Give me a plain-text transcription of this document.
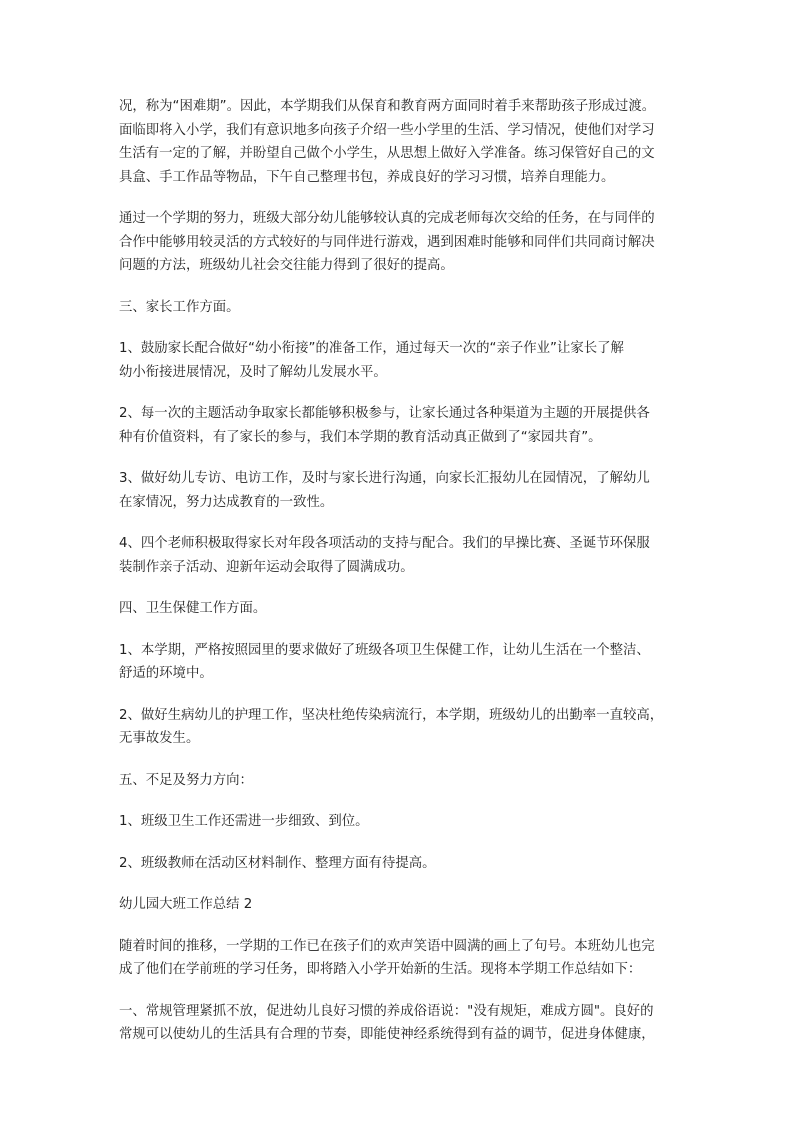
况，称为“困难期”。因此，本学期我们从保育和教育两方面同时着手来帮助孩子形成过渡。
面临即将入小学，我们有意识地多向孩子介绍一些小学里的生活、学习情况，使他们对学习
生活有一定的了解，并盼望自己做个小学生，从思想上做好入学准备。练习保管好自己的文
具盒、手工作品等物品，下午自己整理书包，养成良好的学习习惯，培养自理能力。

通过一个学期的努力，班级大部分幼儿能够较认真的完成老师每次交给的任务，在与同伴的
合作中能够用较灵活的方式较好的与同伴进行游戏，遇到困难时能够和同伴们共同商讨解决
问题的方法，班级幼儿社会交往能力得到了很好的提高。

三、家长工作方面。

1、鼓励家长配合做好“幼小衔接”的准备工作，通过每天一次的“亲子作业”让家长了解
幼小衔接进展情况，及时了解幼儿发展水平。

2、每一次的主题活动争取家长都能够积极参与，让家长通过各种渠道为主题的开展提供各
种有价值资料，有了家长的参与，我们本学期的教育活动真正做到了“家园共育”。

3、做好幼儿专访、电访工作，及时与家长进行沟通，向家长汇报幼儿在园情况，了解幼儿
在家情况，努力达成教育的一致性。

4、四个老师积极取得家长对年段各项活动的支持与配合。我们的早操比赛、圣诞节环保服
装制作亲子活动、迎新年运动会取得了圆满成功。

四、卫生保健工作方面。

1、本学期，严格按照园里的要求做好了班级各项卫生保健工作，让幼儿生活在一个整洁、
舒适的环境中。

2、做好生病幼儿的护理工作，坚决杜绝传染病流行，本学期，班级幼儿的出勤率一直较高，
无事故发生。

五、不足及努力方向：

1、班级卫生工作还需进一步细致、到位。

2、班级教师在活动区材料制作、整理方面有待提高。

幼儿园大班工作总结 2

随着时间的推移，一学期的工作已在孩子们的欢声笑语中圆满的画上了句号。本班幼儿也完
成了他们在学前班的学习任务，即将踏入小学开始新的生活。现将本学期工作总结如下：

一、常规管理紧抓不放，促进幼儿良好习惯的养成俗语说："没有规矩，难成方圆"。良好的
常规可以使幼儿的生活具有合理的节奏，即能使神经系统得到有益的调节，促进身体健康，
